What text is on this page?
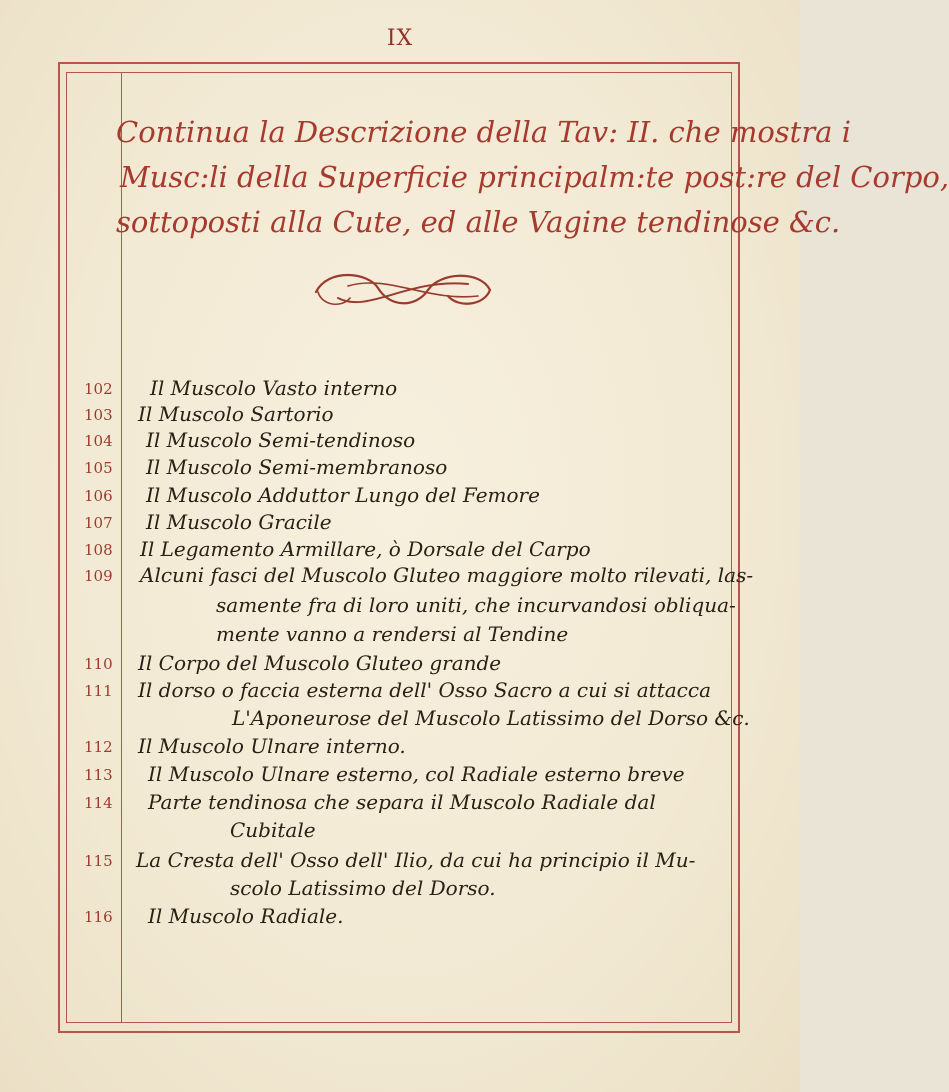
IX
Continua la Descrizione della Tav: II. che mostra i
Musc:li della Superficie principalm:te post:re del Corpo,
sottoposti alla Cute, ed alle Vagine tendinose &c.
102 Il Muscolo Vasto interno
103 Il Muscolo Sartorio
104 Il Muscolo Semi-tendinoso
105 Il Muscolo Semi-membranoso
106 Il Muscolo Adduttor Lungo del Femore
107 Il Muscolo Gracile
108 Il Legamento Armillare, ò Dorsale del Carpo
109 Alcuni fasci del Muscolo Gluteo maggiore molto rilevati, las-
samente fra di loro uniti, che incurvandosi obliqua-
mente vanno a rendersi al Tendine
110 Il Corpo del Muscolo Gluteo grande
111 Il dorso o faccia esterna dell' Osso Sacro a cui si attacca
L'Aponeurose del Muscolo Latissimo del Dorso &c.
112 Il Muscolo Ulnare interno.
113 Il Muscolo Ulnare esterno, col Radiale esterno breve
114 Parte tendinosa che separa il Muscolo Radiale dal
Cubitale
115 La Cresta dell' Osso dell' Ilio, da cui ha principio il Mu-
scolo Latissimo del Dorso.
116 Il Muscolo Radiale.
